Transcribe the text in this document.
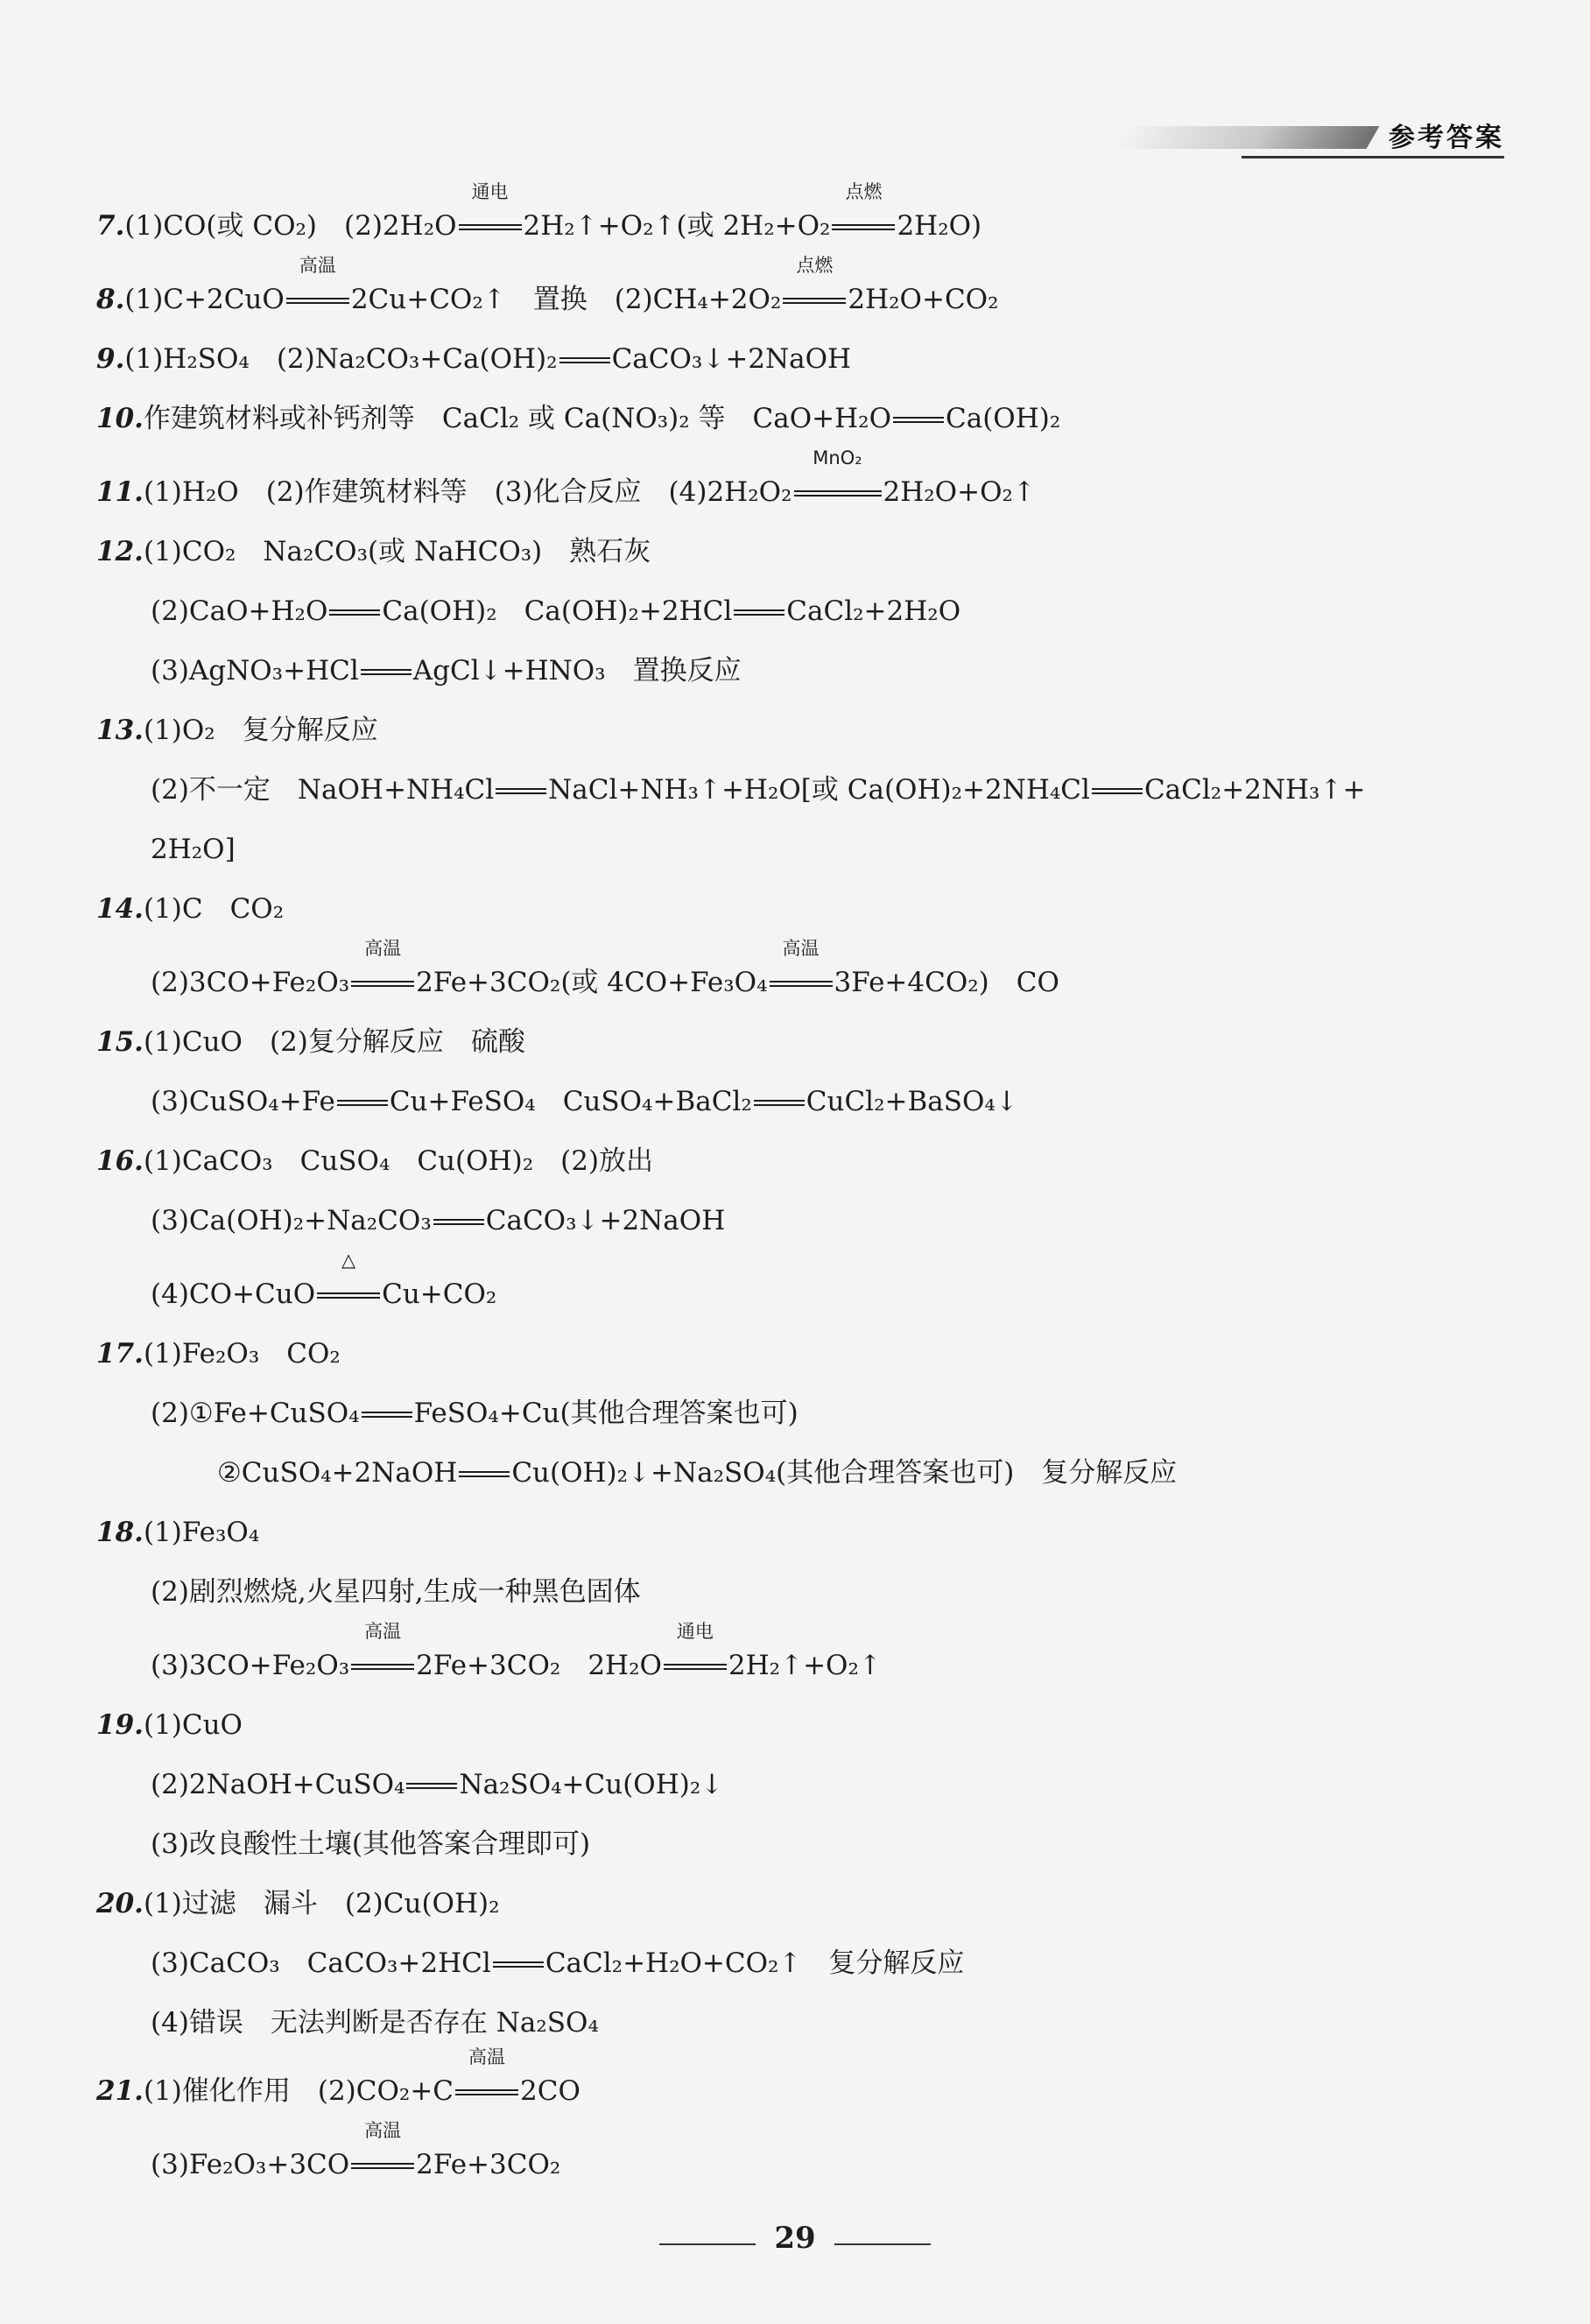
参考答案
7.(1)CO(或 CO₂)　(2)2H₂O
通电
2H₂↑+O₂↑(或 2H₂+O₂
点燃
2H₂O)
8.(1)C+2CuO
高温
2Cu+CO₂↑　置换　(2)CH₄+2O₂
点燃
2H₂O+CO₂
9.(1)H₂SO₄　(2)Na₂CO₃+Ca(OH)₂ CaCO₃↓+2NaOH
10.作建筑材料或补钙剂等　CaCl₂ 或 Ca(NO₃)₂ 等　CaO+H₂O Ca(OH)₂
11.(1)H₂O　(2)作建筑材料等　(3)化合反应　(4)2H₂O₂
MnO₂
2H₂O+O₂↑
12.(1)CO₂　Na₂CO₃(或 NaHCO₃)　熟石灰
(2)CaO+H₂O Ca(OH)₂　Ca(OH)₂+2HCl CaCl₂+2H₂O
(3)AgNO₃+HCl AgCl↓+HNO₃　置换反应
13.(1)O₂　复分解反应
(2)不一定　NaOH+NH₄Cl NaCl+NH₃↑+H₂O[或 Ca(OH)₂+2NH₄Cl CaCl₂+2NH₃↑+
2H₂O]
14.(1)C　CO₂
(2)3CO+Fe₂O₃
高温
2Fe+3CO₂(或 4CO+Fe₃O₄
高温
3Fe+4CO₂)　CO
15.(1)CuO　(2)复分解反应　硫酸
(3)CuSO₄+Fe Cu+FeSO₄　CuSO₄+BaCl₂ CuCl₂+BaSO₄↓
16.(1)CaCO₃　CuSO₄　Cu(OH)₂　(2)放出
(3)Ca(OH)₂+Na₂CO₃ CaCO₃↓+2NaOH
(4)CO+CuO
△
Cu+CO₂
17.(1)Fe₂O₃　CO₂
(2)①Fe+CuSO₄ FeSO₄+Cu(其他合理答案也可)
②CuSO₄+2NaOH Cu(OH)₂↓+Na₂SO₄(其他合理答案也可)　复分解反应
18.(1)Fe₃O₄
(2)剧烈燃烧,火星四射,生成一种黑色固体
(3)3CO+Fe₂O₃
高温
2Fe+3CO₂　2H₂O
通电
2H₂↑+O₂↑
19.(1)CuO
(2)2NaOH+CuSO₄ Na₂SO₄+Cu(OH)₂↓
(3)改良酸性土壤(其他答案合理即可)
20.(1)过滤　漏斗　(2)Cu(OH)₂
(3)CaCO₃　CaCO₃+2HCl CaCl₂+H₂O+CO₂↑　复分解反应
(4)错误　无法判断是否存在 Na₂SO₄
21.(1)催化作用　(2)CO₂+C
高温
2CO
(3)Fe₂O₃+3CO
高温
2Fe+3CO₂
29
